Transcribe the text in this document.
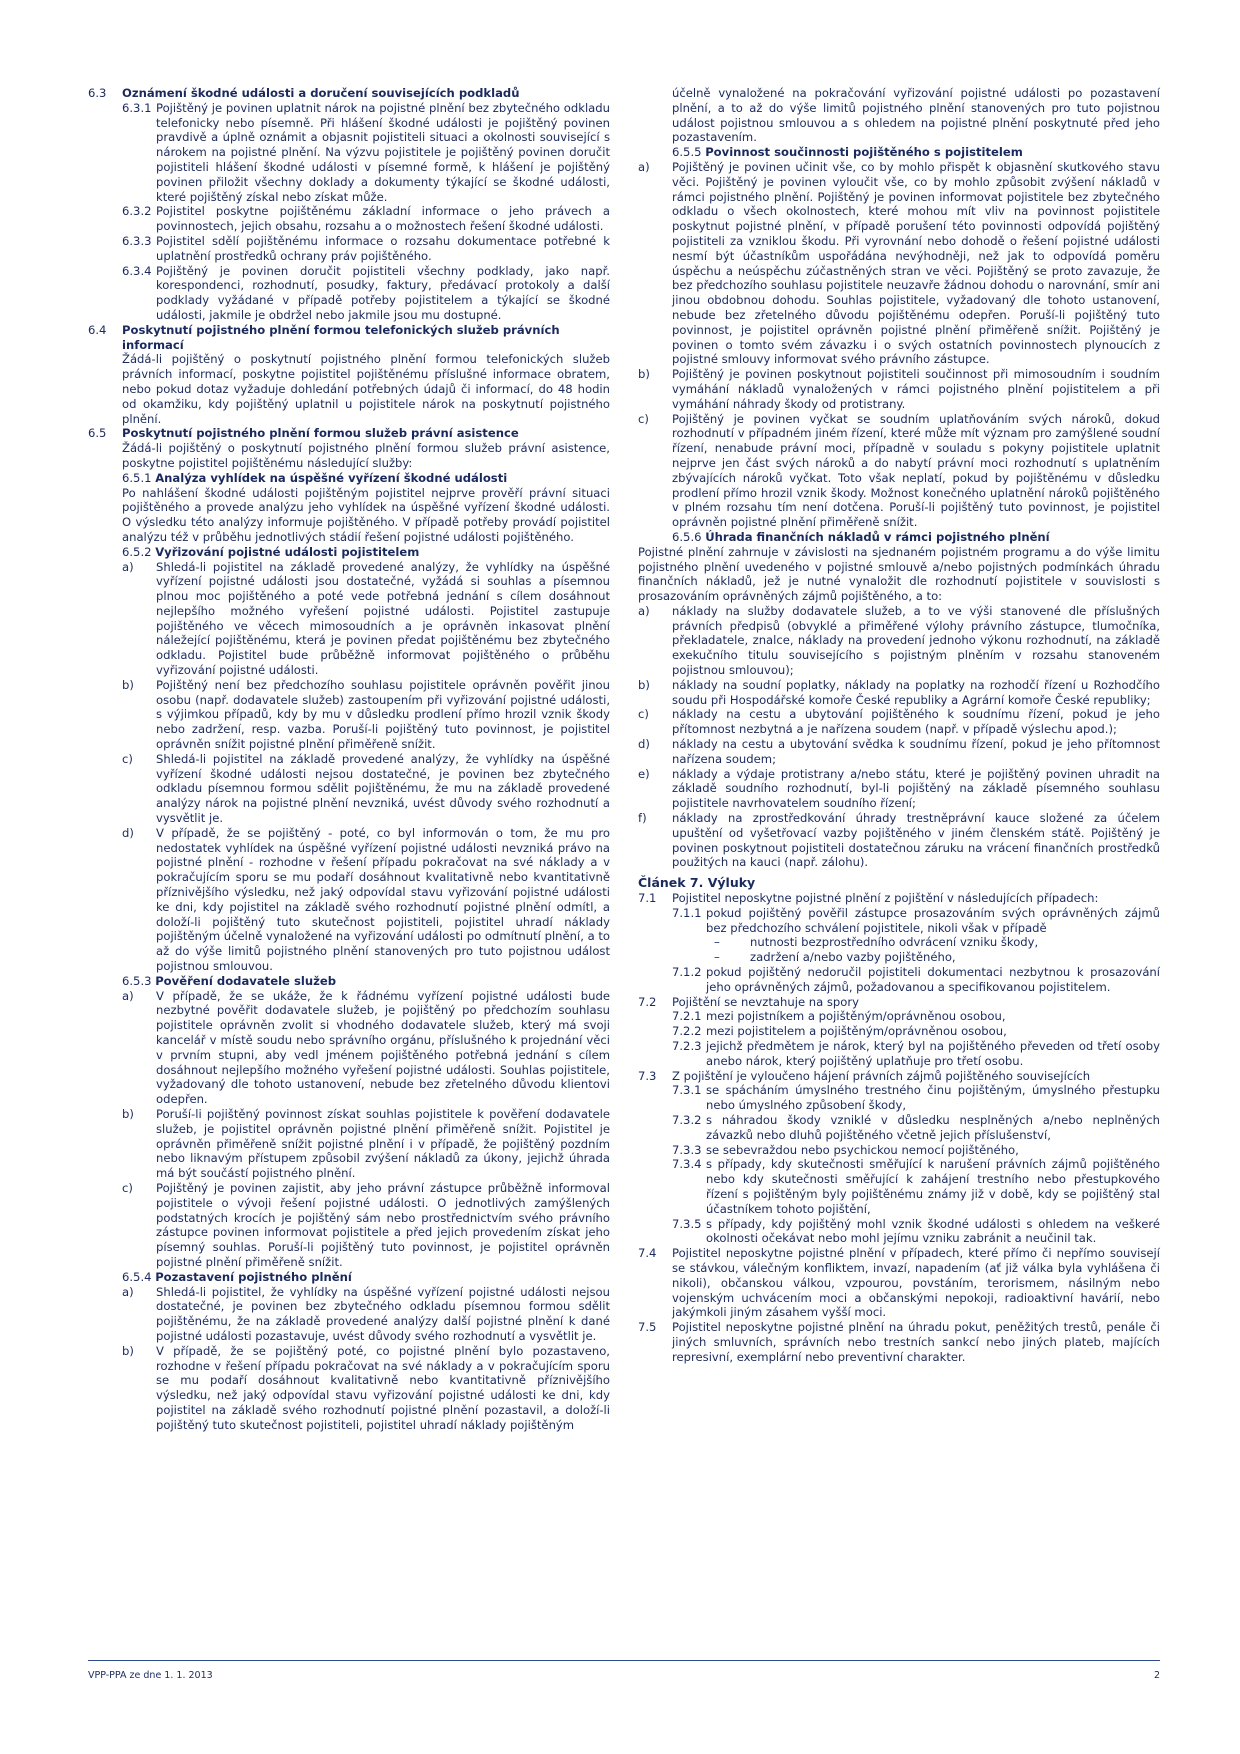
6.3 Oznámení škodné události a doručení souvisejících podkladů
6.3.1 Pojištěný je povinen uplatnit nárok na pojistné plnění bez zbytečného odkladu telefonicky nebo písemně. Při hlášení škodné události je pojištěný povinen pravdivě a úplně oznámit a objasnit pojistiteli situaci a okolnosti související s nárokem na pojistné plnění. Na výzvu pojistitele je pojištěný povinen doručit pojistiteli hlášení škodné události v písemné formě, k hlášení je pojištěný povinen přiložit všechny doklady a dokumenty týkající se škodné události, které pojištěný získal nebo získat může.
6.3.2 Pojistitel poskytne pojištěnému základní informace o jeho právech a povinnostech, jejich obsahu, rozsahu a o možnostech řešení škodné události.
6.3.3 Pojistitel sdělí pojištěnému informace o rozsahu dokumentace potřebné k uplatnění prostředků ochrany práv pojištěného.
6.3.4 Pojištěný je povinen doručit pojistiteli všechny podklady, jako např. korespondenci, rozhodnutí, posudky, faktury, předávací protokoly a další podklady vyžádané v případě potřeby pojistitelem a týkající se škodné události, jakmile je obdržel nebo jakmile jsou mu dostupné.
6.4 Poskytnutí pojistného plnění formou telefonických služeb právních informací
Žádá-li pojištěný o poskytnutí pojistného plnění formou telefonických služeb právních informací, poskytne pojistitel pojištěnému příslušné informace obratem, nebo pokud dotaz vyžaduje dohledání potřebných údajů či informací, do 48 hodin od okamžiku, kdy pojištěný uplatnil u pojistitele nárok na poskytnutí pojistného plnění.
6.5 Poskytnutí pojistného plnění formou služeb právní asistence
Žádá-li pojištěný o poskytnutí pojistného plnění formou služeb právní asistence, poskytne pojistitel pojištěnému následující služby:
6.5.1 Analýza vyhlídek na úspěšné vyřízení škodné události
Po nahlášení škodné události pojištěným pojistitel nejprve prověří právní situaci pojištěného a provede analýzu jeho vyhlídek na úspěšné vyřízení škodné události. O výsledku této analýzy informuje pojištěného. V případě potřeby provádí pojistitel analýzu též v průběhu jednotlivých stádií řešení pojistné události pojištěného.
6.5.2 Vyřizování pojistné události pojistitelem
a) Shledá-li pojistitel na základě provedené analýzy, že vyhlídky na úspěšné vyřízení pojistné události jsou dostatečné, vyžádá si souhlas a písemnou plnou moc pojištěného a poté vede potřebná jednání s cílem dosáhnout nejlepšího možného vyřešení pojistné události. Pojistitel zastupuje pojištěného ve věcech mimosoudních a je oprávněn inkasovat plnění náležející pojištěnému, která je povinen předat pojištěnému bez zbytečného odkladu. Pojistitel bude průběžně informovat pojištěného o průběhu vyřizování pojistné události.
b) Pojištěný není bez předchozího souhlasu pojistitele oprávněn pověřit jinou osobu (např. dodavatele služeb) zastoupením při vyřizování pojistné události, s výjimkou případů, kdy by mu v důsledku prodlení přímo hrozil vznik škody nebo zadržení, resp. vazba. Poruší-li pojištěný tuto povinnost, je pojistitel oprávněn snížit pojistné plnění přiměřeně snížit.
c) Shledá-li pojistitel na základě provedené analýzy, že vyhlídky na úspěšné vyřízení škodné události nejsou dostatečné, je povinen bez zbytečného odkladu písemnou formou sdělit pojištěnému, že mu na základě provedené analýzy nárok na pojistné plnění nevzniká, uvést důvody svého rozhodnutí a vysvětlit je.
d) V případě, že se pojištěný - poté, co byl informován o tom, že mu pro nedostatek vyhlídek na úspěšné vyřízení pojistné události nevzniká právo na pojistné plnění - rozhodne v řešení případu pokračovat na své náklady a v pokračujícím sporu se mu podaří dosáhnout kvalitativně nebo kvantitativně příznivějšího výsledku, než jaký odpovídal stavu vyřizování pojistné události ke dni, kdy pojistitel na základě svého rozhodnutí pojistné plnění odmítl, a doloží-li pojištěný tuto skutečnost pojistiteli, pojistitel uhradí náklady pojištěným účelně vynaložené na vyřizování události po odmítnutí plnění, a to až do výše limitů pojistného plnění stanovených pro tuto pojistnou událost pojistnou smlouvou.
6.5.3 Pověření dodavatele služeb
a) V případě, že se ukáže, že k řádnému vyřízení pojistné události bude nezbytné pověřit dodavatele služeb, je pojištěný po předchozím souhlasu pojistitele oprávněn zvolit si vhodného dodavatele služeb, který má svoji kancelář v místě soudu nebo správního orgánu, příslušného k projednání věci v prvním stupni, aby vedl jménem pojištěného potřebná jednání s cílem dosáhnout nejlepšího možného vyřešení pojistné události. Souhlas pojistitele, vyžadovaný dle tohoto ustanovení, nebude bez zřetelného důvodu klientovi odepřen.
b) Poruší-li pojištěný povinnost získat souhlas pojistitele k pověření dodavatele služeb, je pojistitel oprávněn pojistné plnění přiměřeně snížit. Pojistitel je oprávněn přiměřeně snížit pojistné plnění i v případě, že pojištěný pozdním nebo liknavým přístupem způsobil zvýšení nákladů za úkony, jejichž úhrada má být součástí pojistného plnění.
c) Pojištěný je povinen zajistit, aby jeho právní zástupce průběžně informoval pojistitele o vývoji řešení pojistné události. O jednotlivých zamýšlených podstatných krocích je pojištěný sám nebo prostřednictvím svého právního zástupce povinen informovat pojistitele a před jejich provedením získat jeho písemný souhlas. Poruší-li pojištěný tuto povinnost, je pojistitel oprávněn pojistné plnění přiměřeně snížit.
6.5.4 Pozastavení pojistného plnění
a) Shledá-li pojistitel, že vyhlídky na úspěšné vyřízení pojistné události nejsou dostatečné, je povinen bez zbytečného odkladu písemnou formou sdělit pojištěnému, že na základě provedené analýzy další pojistné plnění k dané pojistné události pozastavuje, uvést důvody svého rozhodnutí a vysvětlit je.
b) V případě, že se pojištěný poté, co pojistné plnění bylo pozastaveno, rozhodne v řešení případu pokračovat na své náklady a v pokračujícím sporu se mu podaří dosáhnout kvalitativně nebo kvantitativně příznivějšího výsledku, než jaký odpovídal stavu vyřizování pojistné události ke dni, kdy pojistitel na základě svého rozhodnutí pojistné plnění pozastavil, a doloží-li pojištěný tuto skutečnost pojistiteli, pojistitel uhradí náklady pojištěným
účelně vynaložené na pokračování vyřizování pojistné události po pozastavení plnění, a to až do výše limitů pojistného plnění stanovených pro tuto pojistnou událost pojistnou smlouvou a s ohledem na pojistné plnění poskytnuté před jeho pozastavením.
6.5.5 Povinnost součinnosti pojištěného s pojistitelem
a) Pojištěný je povinen učinit vše, co by mohlo přispět k objasnění skutkového stavu věci. Pojištěný je povinen vyloučit vše, co by mohlo způsobit zvýšení nákladů v rámci pojistného plnění. Pojištěný je povinen informovat pojistitele bez zbytečného odkladu o všech okolnostech, které mohou mít vliv na povinnost pojistitele poskytnut pojistné plnění, v případě porušení této povinnosti odpovídá pojištěný pojistiteli za vzniklou škodu. Při vyrovnání nebo dohodě o řešení pojistné události nesmí být účastníkům uspořádána nevýhodněji, než jak to odpovídá poměru úspěchu a neúspěchu zúčastněných stran ve věci. Pojištěný se proto zavazuje, že bez předchozího souhlasu pojistitele neuzavře žádnou dohodu o narovnání, smír ani jinou obdobnou dohodu. Souhlas pojistitele, vyžadovaný dle tohoto ustanovení, nebude bez zřetelného důvodu pojištěnému odepřen. Poruší-li pojištěný tuto povinnost, je pojistitel oprávněn pojistné plnění přiměřeně snížit. Pojištěný je povinen o tomto svém závazku i o svých ostatních povinnostech plynoucích z pojistné smlouvy informovat svého právního zástupce.
b) Pojištěný je povinen poskytnout pojistiteli součinnost při mimosoudním i soudním vymáhání nákladů vynaložených v rámci pojistného plnění pojistitelem a při vymáhání náhrady škody od protistrany.
c) Pojištěný je povinen vyčkat se soudním uplatňováním svých nároků, dokud rozhodnutí v případném jiném řízení, které může mít význam pro zamýšlené soudní řízení, nenabude právní moci, případně v souladu s pokyny pojistitele uplatnit nejprve jen část svých nároků a do nabytí právní moci rozhodnutí s uplatněním zbývajících nároků vyčkat. Toto však neplatí, pokud by pojištěnému v důsledku prodlení přímo hrozil vznik škody. Možnost konečného uplatnění nároků pojištěného v plném rozsahu tím není dotčena. Poruší-li pojištěný tuto povinnost, je pojistitel oprávněn pojistné plnění přiměřeně snížit.
6.5.6 Úhrada finančních nákladů v rámci pojistného plnění
Pojistné plnění zahrnuje v závislosti na sjednaném pojistném programu a do výše limitu pojistného plnění uvedeného v pojistné smlouvě a/nebo pojistných podmínkách úhradu finančních nákladů, jež je nutné vynaložit dle rozhodnutí pojistitele v souvislosti s prosazováním oprávněných zájmů pojištěného, a to:
a) náklady na služby dodavatele služeb, a to ve výši stanovené dle příslušných právních předpisů (obvyklé a přiměřené výlohy právního zástupce, tlumočníka, překladatele, znalce, náklady na provedení jednoho výkonu rozhodnutí, na základě exekučního titulu souvisejícího s pojistným plněním v rozsahu stanoveném pojistnou smlouvou);
b) náklady na soudní poplatky, náklady na poplatky na rozhodčí řízení u Rozhodčího soudu při Hospodářské komoře České republiky a Agrární komoře České republiky;
c) náklady na cestu a ubytování pojištěného k soudnímu řízení, pokud je jeho přítomnost nezbytná a je nařízena soudem (např. v případě výslechu apod.);
d) náklady na cestu a ubytování svědka k soudnímu řízení, pokud je jeho přítomnost nařízena soudem;
e) náklady a výdaje protistrany a/nebo státu, které je pojištěný povinen uhradit na základě soudního rozhodnutí, byl-li pojištěný na základě písemného souhlasu pojistitele navrhovatelem soudního řízení;
f) náklady na zprostředkování úhrady trestněprávní kauce složené za účelem upuštění od vyšetřovací vazby pojištěného v jiném členském státě. Pojištěný je povinen poskytnout pojistiteli dostatečnou záruku na vrácení finančních prostředků použitých na kauci (např. zálohu).
Článek 7. Výluky
7.1 Pojistitel neposkytne pojistné plnění z pojištění v následujících případech:
7.1.1 pokud pojištěný pověřil zástupce prosazováním svých oprávněných zájmů bez předchozího schválení pojistitele, nikoli však v případě
–	nutnosti bezprostředního odvrácení vzniku škody,
–	zadržení a/nebo vazby pojištěného,
7.1.2 pokud pojištěný nedoručil pojistiteli dokumentaci nezbytnou k prosazování jeho oprávněných zájmů, požadovanou a specifikovanou pojistitelem.
7.2 Pojištění se nevztahuje na spory
7.2.1 mezi pojistníkem a pojištěným/oprávněnou osobou,
7.2.2 mezi pojistitelem a pojištěným/oprávněnou osobou,
7.2.3 jejichž předmětem je nárok, který byl na pojištěného převeden od třetí osoby anebo nárok, který pojištěný uplatňuje pro třetí osobu.
7.3 Z pojištění je vyloučeno hájení právních zájmů pojištěného souvisejících
7.3.1 se spácháním úmyslného trestného činu pojištěným, úmyslného přestupku nebo úmyslného způsobení škody,
7.3.2 s náhradou škody vzniklé v důsledku nesplněných a/nebo neplněných závazků nebo dluhů pojištěného včetně jejich příslušenství,
7.3.3 se sebevraždou nebo psychickou nemocí pojištěného,
7.3.4 s případy, kdy skutečnosti směřující k narušení právních zájmů pojištěného nebo kdy skutečnosti směřující k zahájení trestního nebo přestupkového řízení s pojištěným byly pojištěnému známy již v době, kdy se pojištěný stal účastníkem tohoto pojištění,
7.3.5 s případy, kdy pojištěný mohl vznik škodné události s ohledem na veškeré okolnosti očekávat nebo mohl jejímu vzniku zabránit a neučinil tak.
7.4 Pojistitel neposkytne pojistné plnění v případech, které přímo či nepřímo souvisejí se stávkou, válečným konfliktem, invazí, napadením (ať již válka byla vyhlášena či nikoli), občanskou válkou, vzpourou, povstáním, terorismem, násilným nebo vojenským uchvácením moci a občanskými nepokoji, radioaktivní havárií, nebo jakýmkoli jiným zásahem vyšší moci.
7.5 Pojistitel neposkytne pojistné plnění na úhradu pokut, peněžitých trestů, penále či jiných smluvních, správních nebo trestních sankcí nebo jiných plateb, majících represivní, exemplární nebo preventivní charakter.
VPP-PPA ze dne 1. 1. 2013	2
